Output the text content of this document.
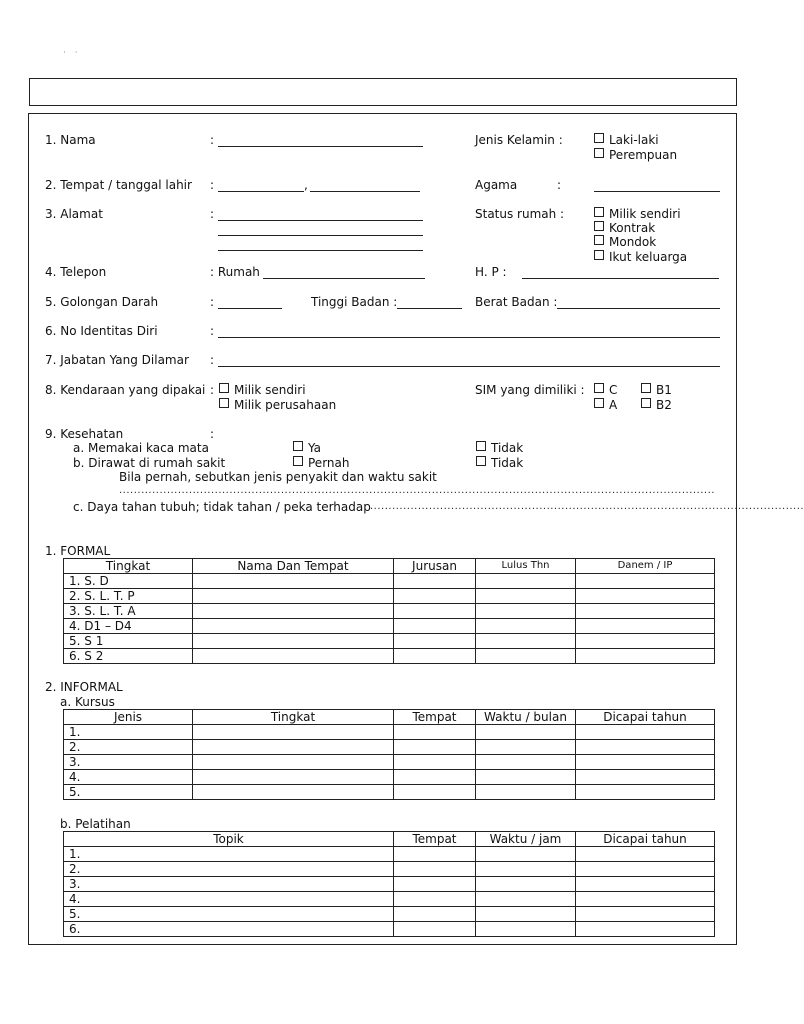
· ·
1. Nama	:	Jenis Kelamin :	Laki-laki
Perempuan
2. Tempat / tanggal lahir :	,	Agama	:
3. Alamat	:	Status rumah :	Milik sendiri
Kontrak
Mondok
Ikut keluarga
4. Telepon	: Rumah	H. P :
5. Golongan Darah	:	Tinggi Badan :	Berat Badan :
6. No Identitas Diri	:
7. Jabatan Yang Dilamar :
8. Kendaraan yang dipakai :	Milik sendiri
Milik perusahaan
SIM yang dimiliki :	C	B1
A	B2
9. Kesehatan	:
a. Memakai kaca mata	Ya	Tidak
b. Dirawat di rumah sakit	Pernah	Tidak
Bila pernah, sebutkan jenis penyakit dan waktu sakit
..................................................................................................................................................................
c. Daya tahan tubuh; tidak tahan / peka terhadap ......................................................................................................................
1. FORMAL
Tingkat	Nama Dan Tempat	Jurusan	Lulus Thn	Danem / IP
1. S. D				
2. S. L. T. P				
3. S. L. T. A				
4. D1 – D4				
5. S 1				
6. S 2				
2. INFORMAL
a. Kursus
Jenis	Tingkat	Tempat	Waktu / bulan	Dicapai tahun
1.				
2.				
3.				
4.				
5.				
b. Pelatihan
Topik	Tempat	Waktu / jam	Dicapai tahun
1.			
2.			
3.			
4.			
5.			
6.			
